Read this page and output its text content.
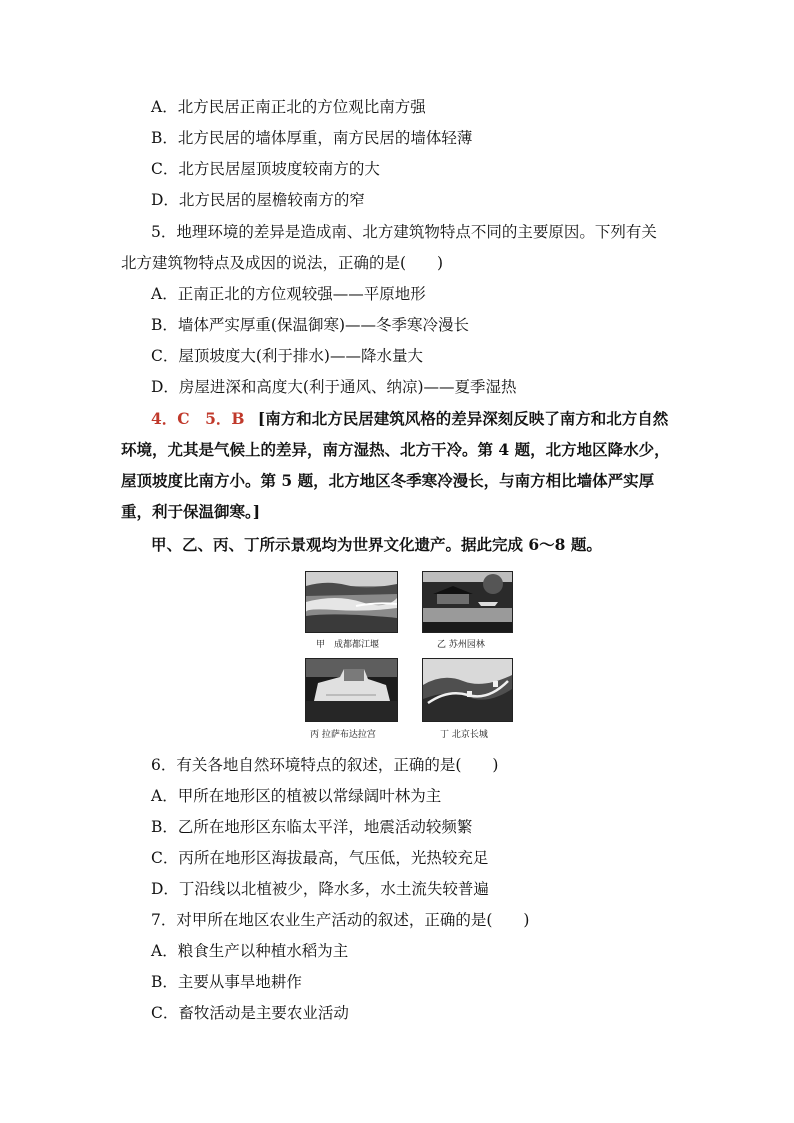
A．北方民居正南正北的方位观比南方强
B．北方民居的墙体厚重，南方民居的墙体轻薄
C．北方民居屋顶坡度较南方的大
D．北方民居的屋檐较南方的窄
5．地理环境的差异是造成南、北方建筑物特点不同的主要原因。下列有关
北方建筑物特点及成因的说法，正确的是(　　)
A．正南正北的方位观较强——平原地形
B．墙体严实厚重(保温御寒)——冬季寒冷漫长
C．屋顶坡度大(利于排水)——降水量大
D．房屋进深和高度大(利于通风、纳凉)——夏季湿热
4．C　5．B [南方和北方民居建筑风格的差异深刻反映了南方和北方自然
环境，尤其是气候上的差异，南方湿热、北方干冷。第 4 题，北方地区降水少，
屋顶坡度比南方小。第 5 题，北方地区冬季寒冷漫长，与南方相比墙体严实厚
重，利于保温御寒。]
甲、乙、丙、丁所示景观均为世界文化遗产。据此完成 6～8 题。
甲　成都都江堰	乙 苏州园林
丙 拉萨布达拉宫	丁 北京长城
6．有关各地自然环境特点的叙述，正确的是(　　)
A．甲所在地形区的植被以常绿阔叶林为主
B．乙所在地形区东临太平洋，地震活动较频繁
C．丙所在地形区海拔最高，气压低，光热较充足
D．丁沿线以北植被少，降水多，水土流失较普遍
7．对甲所在地区农业生产活动的叙述，正确的是(　　)
A．粮食生产以种植水稻为主
B．主要从事旱地耕作
C．畜牧活动是主要农业活动
